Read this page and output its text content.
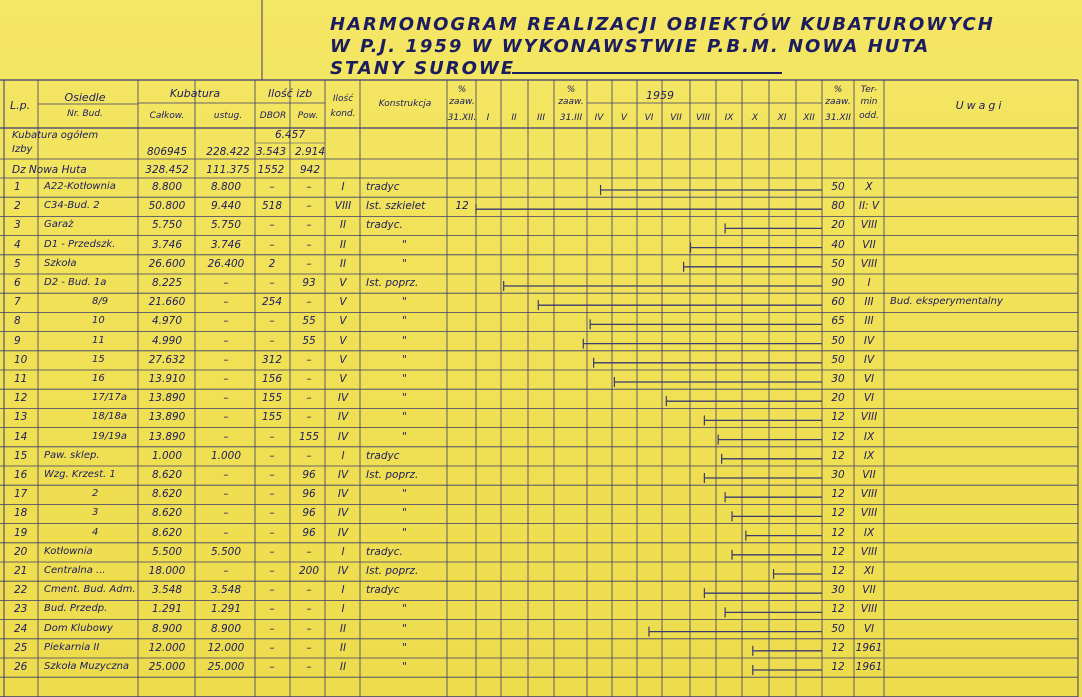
HARMONOGRAM REALIZACJI OBIEKTÓW KUBATUROWYCH
W P.J. 1959 W WYKONAWSTWIE P.B.M. NOWA HUTA
STANY SUROWE
L.p.
Osiedle
Nr. Bud.
Kubatura
Całkow.	ustug.
Ilość izb
DBOR Pow.
Ilość
kond.
Konstrukcja
%
zaaw.
31.XII. I II III
%
zaaw.
31.III
1959
IV V VI VII VIII IX X XI XII
%
zaaw.
31.XII
Ter-
min
odd.
Uwagi
Kubatura ogółem
Izby
6.457
806945 228.422 3.543 2.914
Dz Nowa Huta	328.452 111.375 1552 942
1 A22-Kotłownia	8.800	8.800	–	–	I tradyc	50 X
2 C34-Bud. 2	50.800 9.440 518 – VIII Ist. szkielet	12	80 II: V
3 Garaż	5.750	5.750	–	–	II tradyc.	20 VIII
4 D1 - Przedszk.	3.746	3.746	–	–	II	"	40 VII
5 Szkoła	26.600 26.400 2	–	II	"	50 VIII
6 D2 - Bud. 1a	8.225	–	–	93 V Ist. poprz.	90 I
7	8/9	21.660	–	254 –	V	"	60 III Bud. eksperymentalny
8	10	4.970	–	–	55 V	"	65 III
9	11	4.990	–	–	55 V	"	50 IV
10	15	27.632	–	312 –	V	"	50 IV
11	16	13.910	–	156 –	V	"	30 VI
12	17/17a 13.890	–	155 – IV	"	20 VI
13	18/18a 13.890	–	155 – IV	"	12 VIII
14	19/19a 13.890	–	– 155 IV	"	12 IX
15 Paw. sklep.	1.000	1.000	–	–	I tradyc	12 IX
16 Wzg. Krzest. 1	8.620	–	–	96 IV Ist. poprz.	30 VII
17	2	8.620	–	–	96 IV	"	12 VIII
18	3	8.620	–	–	96 IV	"	12 VIII
19	4	8.620	–	–	96 IV	"	12 IX
20 Kotłownia	5.500	5.500	–	–	I tradyc.	12 VIII
21 Centralna ...	18.000	–	– 200 IV Ist. poprz.	12 XI
22 Cment. Bud. Adm. 3.548	3.548	–	–	I tradyc	30 VII
23 Bud. Przedp.	1.291	1.291	–	–	I	"	12 VIII
24 Dom Klubowy	8.900	8.900	–	–	II	"	50 VI
25 Piekarnia II	12.000 12.000 –	–	II	"	12 1961
26 Szkoła Muzyczna 25.000 25.000 –	–	II	"	12 1961
